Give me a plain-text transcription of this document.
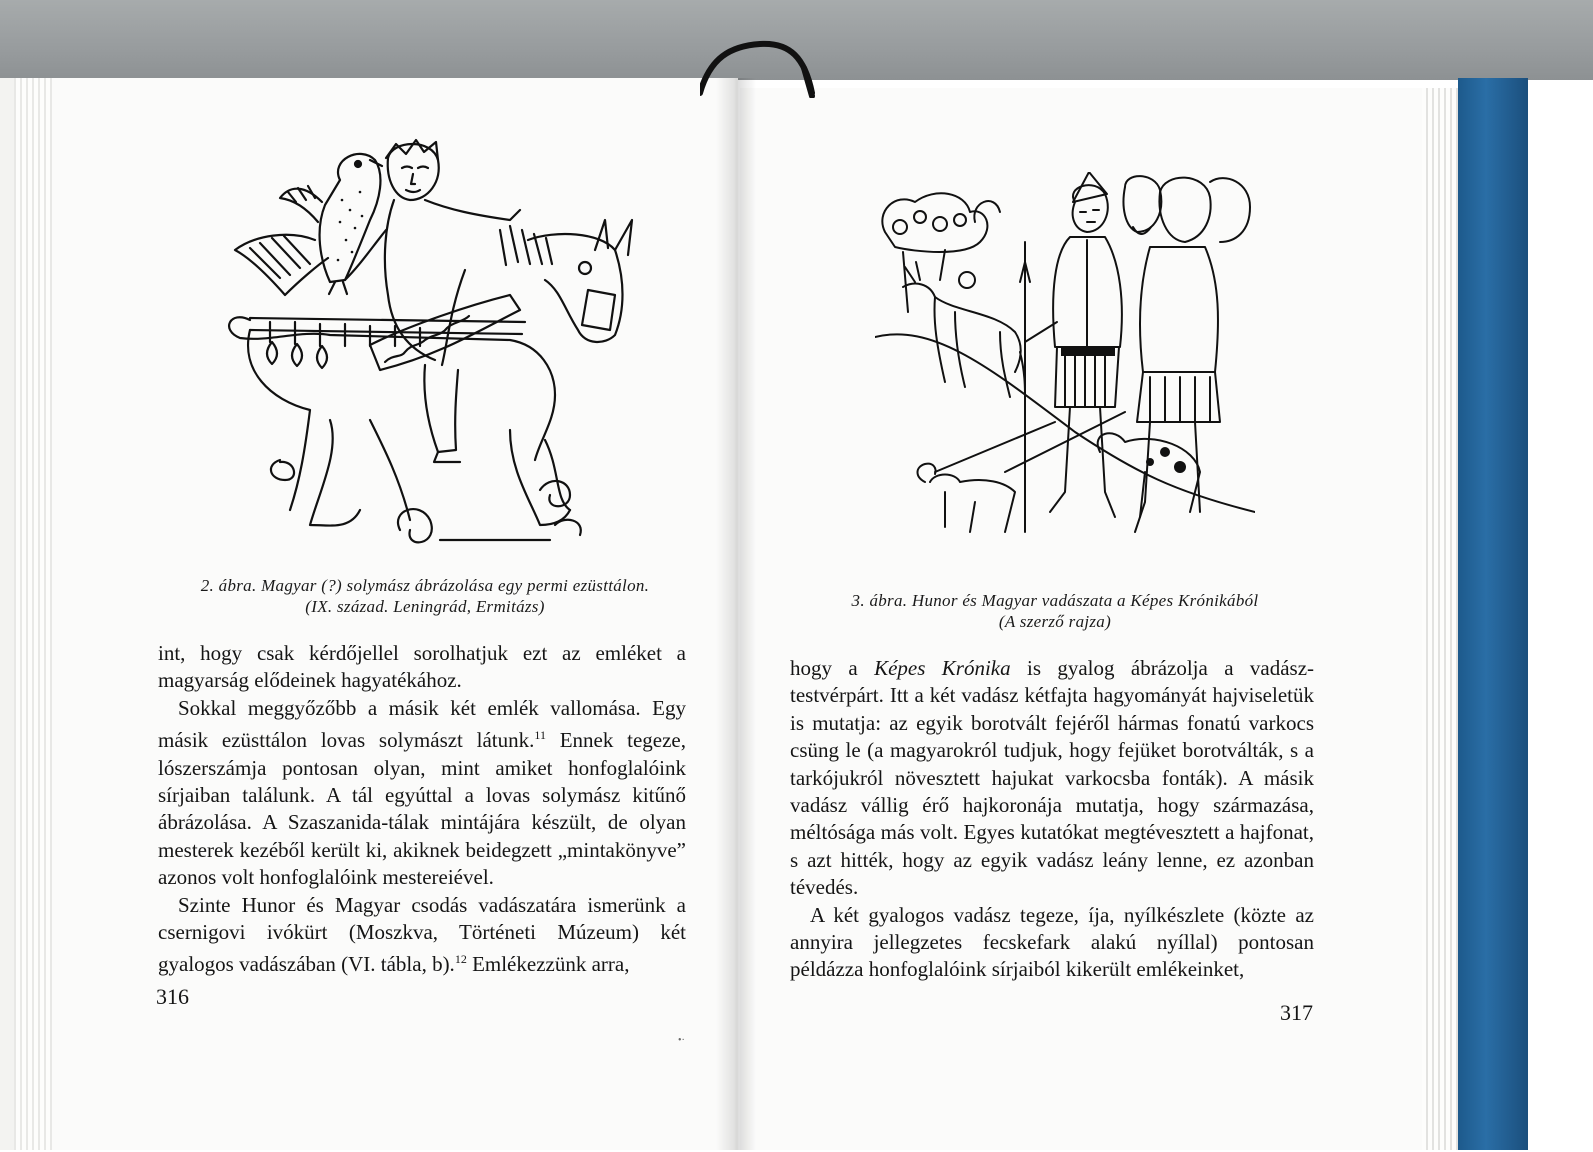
2. ábra. Magyar (?) solymász ábrázolása egy permi ezüsttálon.
(IX. század. Leningrád, Ermitázs)

int, hogy csak kérdőjellel sorolhatjuk ezt az emléket a magyarság elődeinek hagyatékához.

Sokkal meggyőzőbb a másik két emlék vallomása. Egy másik ezüsttálon lovas solymászt látunk.$^{11}$ Ennek tegeze, lószerszámja pontosan olyan, mint amiket honfoglalóink sírjaiban találunk. A tál egyúttal a lovas solymász kitűnő ábrázolása. A Szaszanida-tálak mintájára készült, de olyan mesterek kezéből került ki, akiknek beidegzett „mintakönyve” azonos volt honfoglalóink mestereiével.

Szinte Hunor és Magyar csodás vadászatára ismerünk a csernigovi ivókürt (Moszkva, Történeti Múzeum) két gyalogos vadászában (VI. tábla, b).$^{12}$ Emlékezzünk arra,

316
•·
3. ábra. Hunor és Magyar vadászata a Képes Krónikából
(A szerző rajza)

hogy a Képes Krónika is gyalog ábrázolja a vadász-testvérpárt. Itt a két vadász kétfajta hagyományát hajviseletük is mutatja: az egyik borotvált fejéről hármas fonatú varkocs csüng le (a magyarokról tudjuk, hogy fejüket borotválták, s a tarkójukról növesztett hajukat varkocsba fonták). A másik vadász vállig érő hajkoronája mutatja, hogy származása, méltósága más volt. Egyes kutatókat megtévesztett a hajfonat, s azt hitték, hogy az egyik vadász leány lenne, ez azonban tévedés.

A két gyalogos vadász tegeze, íja, nyílkészlete (közte az annyira jellegzetes fecskefark alakú nyíllal) pontosan példázza honfoglalóink sírjaiból kikerült emlékeinket,

317
